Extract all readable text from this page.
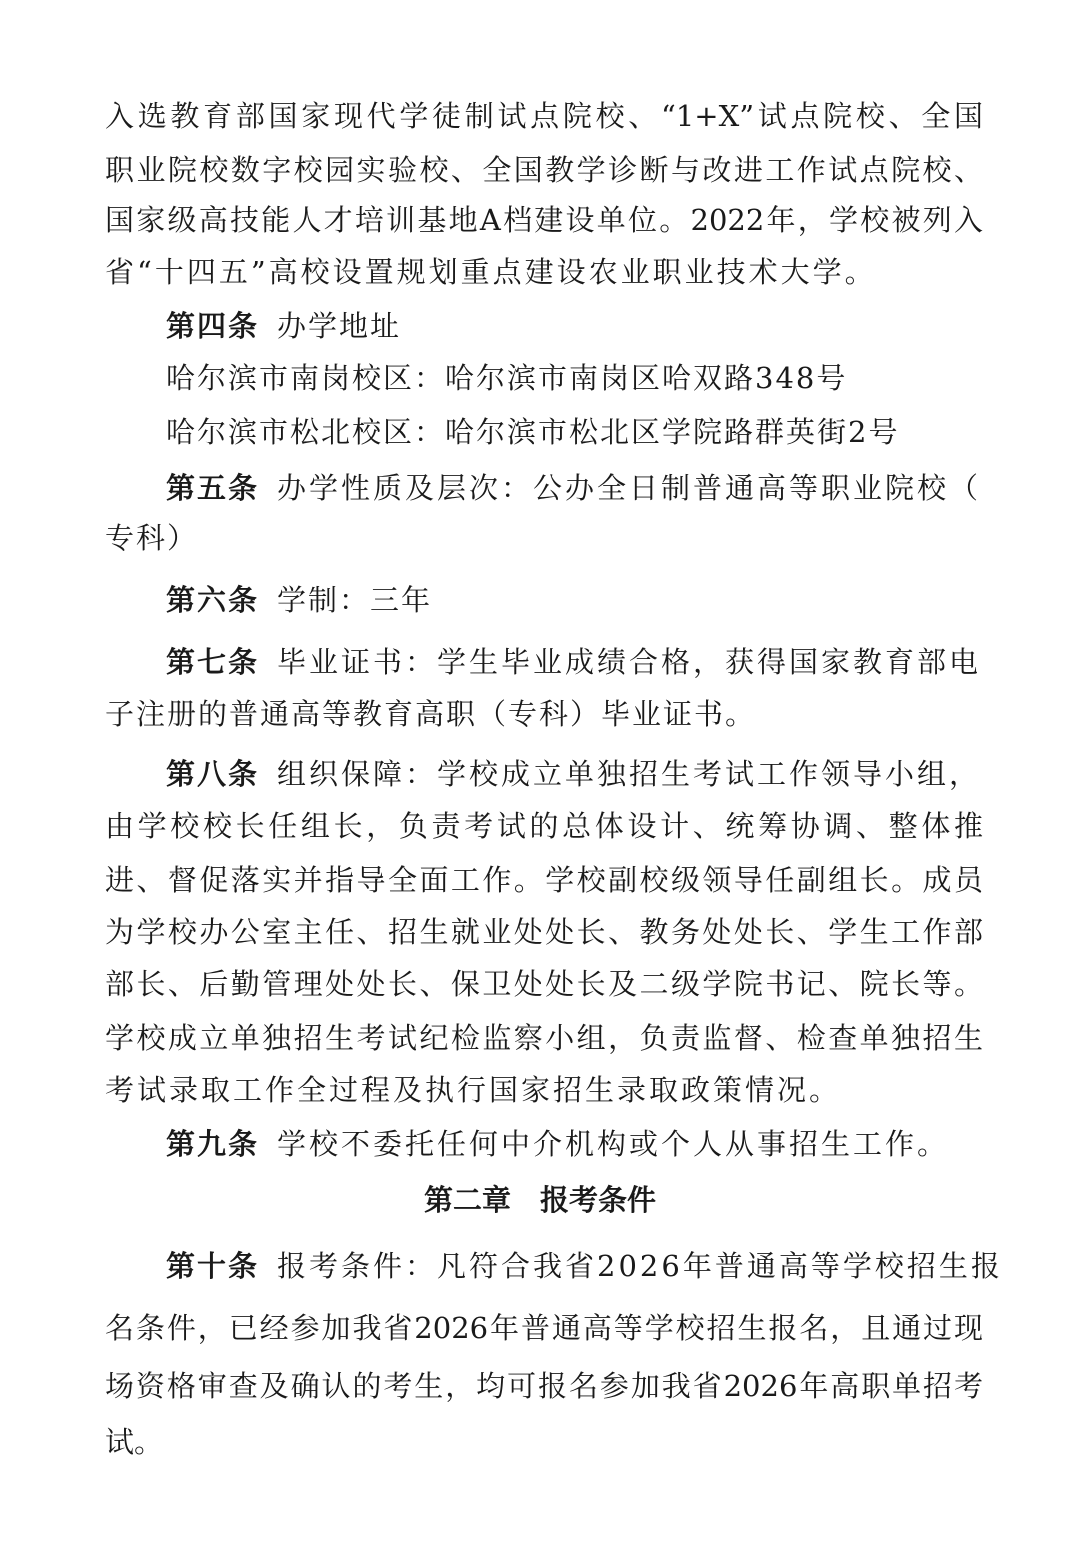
入选教育部国家现代学徒制试点院校、“1+X”试点院校、全国
职业院校数字校园实验校、全国教学诊断与改进工作试点院校、
国家级高技能人才培训基地A档建设单位。2022年，学校被列入
省“十四五”高校设置规划重点建设农业职业技术大学。
第四条 办学地址
哈尔滨市南岗校区：哈尔滨市南岗区哈双路348号
哈尔滨市松北校区：哈尔滨市松北区学院路群英街2号
第五条 办学性质及层次：公办全日制普通高等职业院校（
专科）
第六条 学制：三年
第七条 毕业证书：学生毕业成绩合格，获得国家教育部电
子注册的普通高等教育高职（专科）毕业证书。
第八条 组织保障：学校成立单独招生考试工作领导小组，
由学校校长任组长，负责考试的总体设计、统筹协调、整体推
进、督促落实并指导全面工作。学校副校级领导任副组长。成员
为学校办公室主任、招生就业处处长、教务处处长、学生工作部
部长、后勤管理处处长、保卫处处长及二级学院书记、院长等。
学校成立单独招生考试纪检监察小组，负责监督、检查单独招生
考试录取工作全过程及执行国家招生录取政策情况。
第九条 学校不委托任何中介机构或个人从事招生工作。
第二章　报考条件
第十条 报考条件：凡符合我省2026年普通高等学校招生报
名条件，已经参加我省2026年普通高等学校招生报名，且通过现
场资格审查及确认的考生，均可报名参加我省2026年高职单招考
试。
